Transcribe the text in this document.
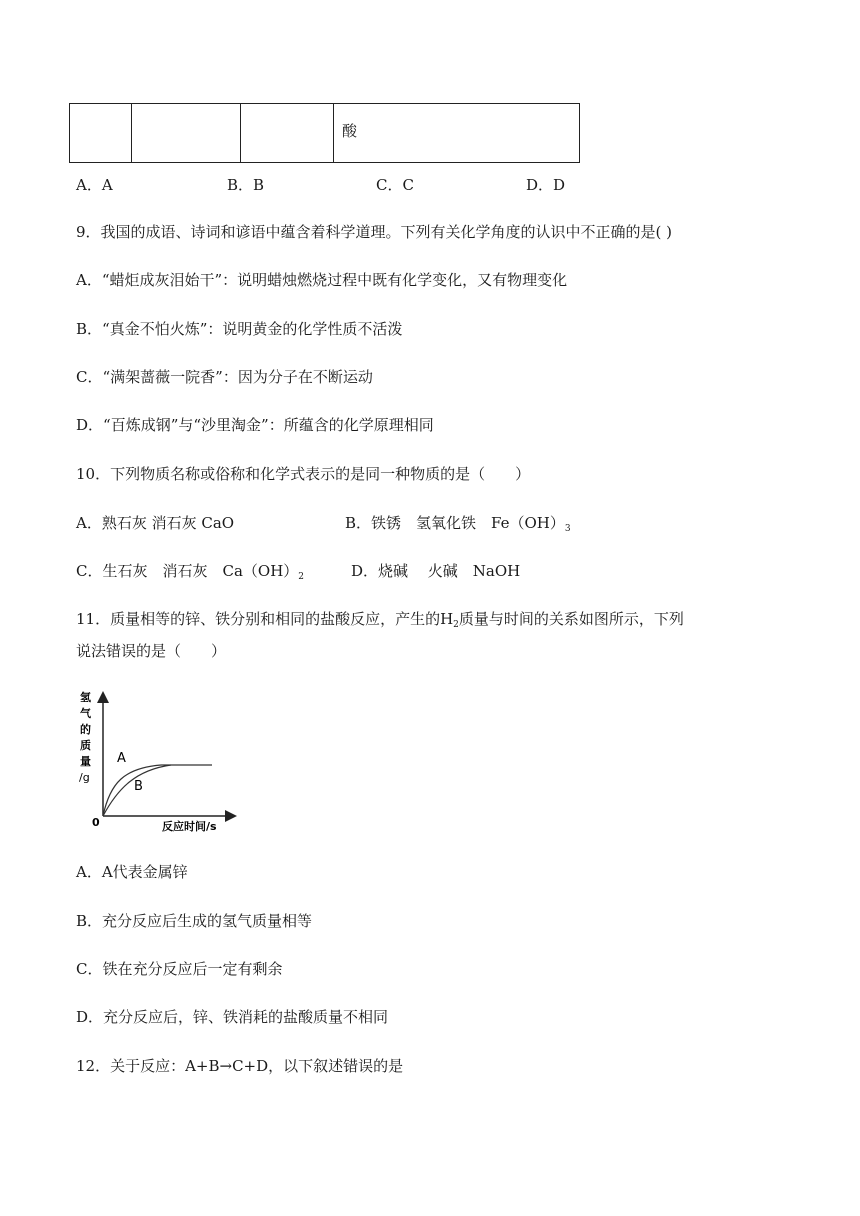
酸
A．A	B．B	C．C	D．D
9．我国的成语、诗词和谚语中蕴含着科学道理。下列有关化学角度的认识中不正确的是( )
A．“蜡炬成灰泪始干”：说明蜡烛燃烧过程中既有化学变化，又有物理变化
B．“真金不怕火炼”：说明黄金的化学性质不活泼
C．“满架蔷薇一院香”：因为分子在不断运动
D．“百炼成钢”与“沙里淘金”：所蕴含的化学原理相同
10．下列物质名称或俗称和化学式表示的是同一种物质的是（　　）
A．熟石灰 消石灰 CaO	B．铁锈　氢氧化铁　$Fe(OH)_3$
C．生石灰　消石灰　$Ca(OH)_2$	D．烧碱　 火碱　NaOH
11．质量相等的锌、铁分别和相同的盐酸反应，产生的$H_2$质量与时间的关系如图所示，下列
说法错误的是（　　）
氢
气
的
质
量
/g
A
B
0	反应时间/s
A．A代表金属锌
B．充分反应后生成的氢气质量相等
C．铁在充分反应后一定有剩余
D．充分反应后，锌、铁消耗的盐酸质量不相同
12．关于反应：A+B→C+D，以下叙述错误的是
